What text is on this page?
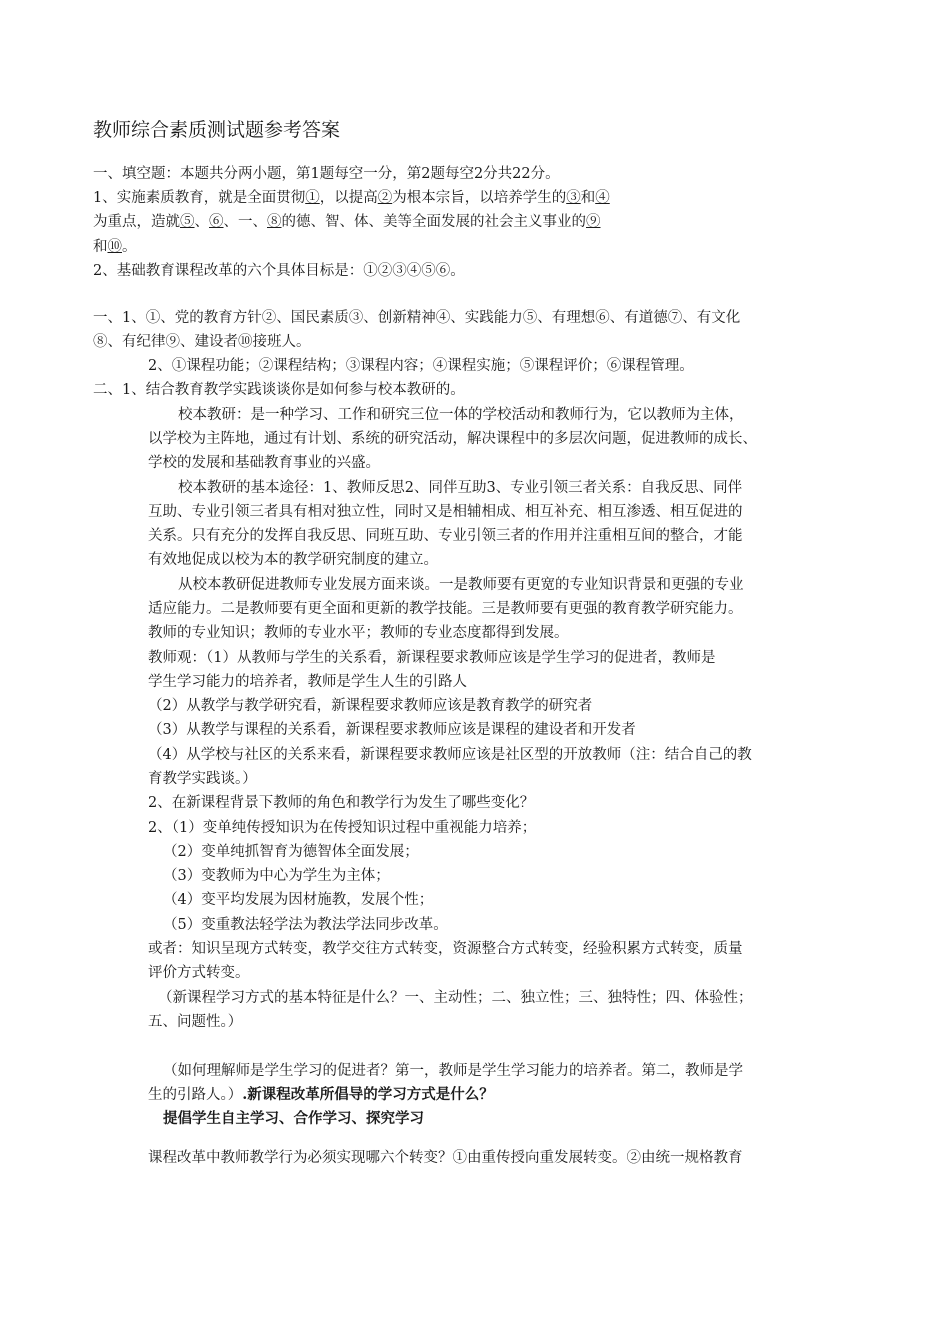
教师综合素质测试题参考答案
一、填空题：本题共分两小题，第1题每空一分，第2题每空2分共22分。
1、实施素质教育，就是全面贯彻①，以提高②为根本宗旨，以培养学生的③和④
为重点，造就⑤、⑥、一、⑧的德、智、体、美等全面发展的社会主义事业的⑨
和⑩。
2、基础教育课程改革的六个具体目标是：①②③④⑤⑥。
一、1、①、党的教育方针②、国民素质③、创新精神④、实践能力⑤、有理想⑥、有道德⑦、有文化
⑧、有纪律⑨、建设者⑩接班人。
2、①课程功能；②课程结构；③课程内容；④课程实施；⑤课程评价；⑥课程管理。
二、1、结合教育教学实践谈谈你是如何参与校本教研的。
校本教研：是一种学习、工作和研究三位一体的学校活动和教师行为，它以教师为主体，
以学校为主阵地，通过有计划、系统的研究活动，解决课程中的多层次问题，促进教师的成长、
学校的发展和基础教育事业的兴盛。
校本教研的基本途径：1、教师反思2、同伴互助3、专业引领三者关系：自我反思、同伴
互助、专业引领三者具有相对独立性，同时又是相辅相成、相互补充、相互渗透、相互促进的
关系。只有充分的发挥自我反思、同班互助、专业引领三者的作用并注重相互间的整合，才能
有效地促成以校为本的教学研究制度的建立。
从校本教研促进教师专业发展方面来谈。一是教师要有更宽的专业知识背景和更强的专业
适应能力。二是教师要有更全面和更新的教学技能。三是教师要有更强的教育教学研究能力。
教师的专业知识；教师的专业水平；教师的专业态度都得到发展。
教师观：（1）从教师与学生的关系看，新课程要求教师应该是学生学习的促进者，教师是
学生学习能力的培养者，教师是学生人生的引路人
（2）从教学与教学研究看，新课程要求教师应该是教育教学的研究者
（3）从教学与课程的关系看，新课程要求教师应该是课程的建设者和开发者
（4）从学校与社区的关系来看，新课程要求教师应该是社区型的开放教师（注：结合自己的教
育教学实践谈。）
2、在新课程背景下教师的角色和教学行为发生了哪些变化？
2、（1）变单纯传授知识为在传授知识过程中重视能力培养；
（2）变单纯抓智育为德智体全面发展；
（3）变教师为中心为学生为主体；
（4）变平均发展为因材施教，发展个性；
（5）变重教法轻学法为教法学法同步改革。
或者：知识呈现方式转变，教学交往方式转变，资源整合方式转变，经验积累方式转变，质量
评价方式转变。
（新课程学习方式的基本特征是什么？一、主动性；二、独立性；三、独特性；四、体验性；
五、问题性。）
（如何理解师是学生学习的促进者？第一，教师是学生学习能力的培养者。第二，教师是学
生的引路人。）.新课程改革所倡导的学习方式是什么？
提倡学生自主学习、合作学习、探究学习
课程改革中教师教学行为必须实现哪六个转变？①由重传授向重发展转变。②由统一规格教育
